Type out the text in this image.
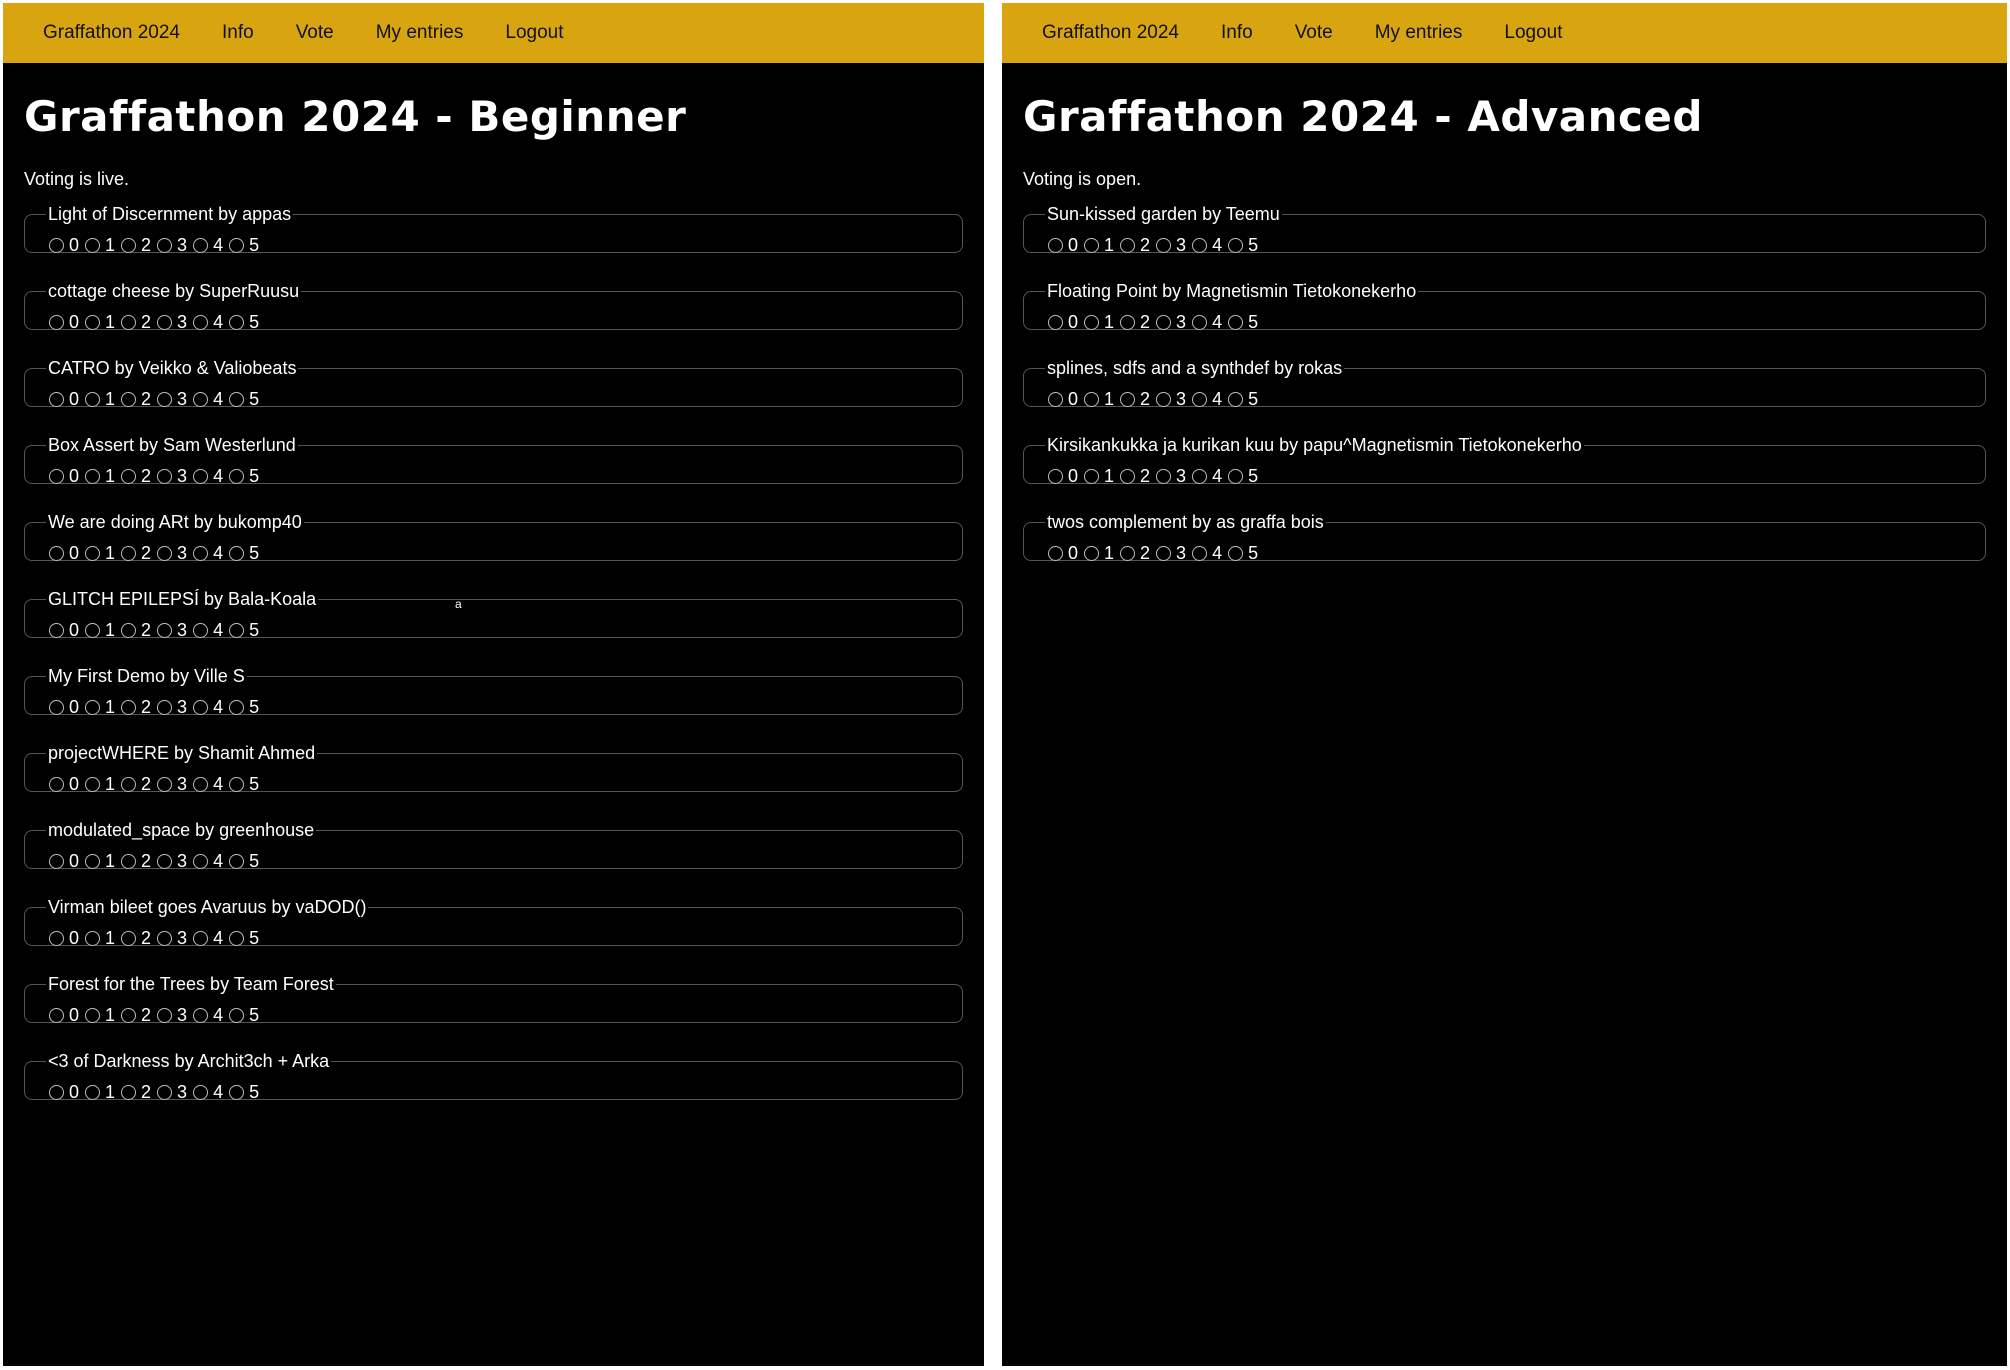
Graffathon 2024 Info Vote My entries Logout
Graffathon 2024 - Beginner
Voting is live.
Light of Discernment by appas
0 1 2 3 4 5
cottage cheese by SuperRuusu
0 1 2 3 4 5
CATRO by Veikko & Valiobeats
0 1 2 3 4 5
Box Assert by Sam Westerlund
0 1 2 3 4 5
We are doing ARt by bukomp40
0 1 2 3 4 5
GLITCH EPILEPSÍ by Bala-Koala	a
0 1 2 3 4 5
My First Demo by Ville S
0 1 2 3 4 5
projectWHERE by Shamit Ahmed
0 1 2 3 4 5
modulated_space by greenhouse
0 1 2 3 4 5
Virman bileet goes Avaruus by vaDOD()
0 1 2 3 4 5
Forest for the Trees by Team Forest
0 1 2 3 4 5
<3 of Darkness by Archit3ch + Arka
0 1 2 3 4 5
Graffathon 2024 Info Vote My entries Logout
Graffathon 2024 - Advanced
Voting is open.
Sun-kissed garden by Teemu
0 1 2 3 4 5
Floating Point by Magnetismin Tietokonekerho
0 1 2 3 4 5
splines, sdfs and a synthdef by rokas
0 1 2 3 4 5
Kirsikankukka ja kurikan kuu by papu^Magnetismin Tietokonekerho
0 1 2 3 4 5
twos complement by as graffa bois
0 1 2 3 4 5
